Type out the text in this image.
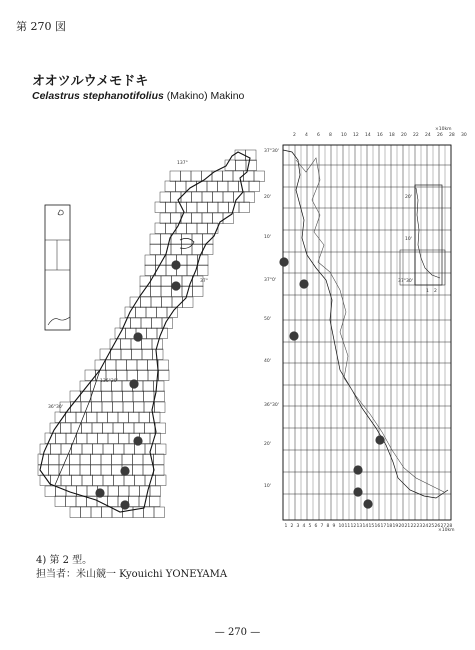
第 270 図
オオツルウメモドキ
Celastrus stephanotifolius (Makino) Makino
2 4 6 8 10 12 14 16 18 20 22 24 26 28 30
1 2 3 4 5 6 7 8 9 10 11 12 13 14 15 16 17 18 19 20 21 22 23 24 25 26 27 28
37°30'
20'
10'
37°0'
50'
40'
36°30'
20'
10'
20'
10'
37°30'
1 2
137°
37°
136°30'
36°30'
×10km
×10km
4) 第 2 型。
担当者：米山競一 Kyouichi YONEYAMA
— 270 —
